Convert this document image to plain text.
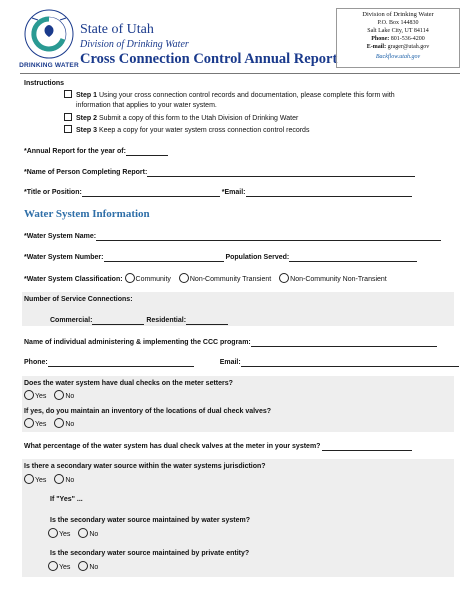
DRINKING WATER
State of Utah
Division of Drinking Water
Cross Connection Control Annual Report
Division of Drinking Water
P.O. Box 144830
Salt Lake City, UT 84114
Phone: 801-536-4200
E-mail: grager@utah.gov
Backflow.utah.gov
Instructions
Step 1 Using your cross connection control records and documentation, please complete this form with
information that applies to your water system.
Step 2 Submit a copy of this form to the Utah Division of Drinking Water
Step 3 Keep a copy for your water system cross connection control records
*Annual Report for the year of:
*Name of Person Completing Report:
*Title or Position:	*Email:
Water System Information
*Water System Name:
*Water System Number:	Population Served:
*Water System Classification: Community	Non-Community Transient	Non-Community Non-Transient
Number of Service Connections:
Commercial:	Residential:
Name of individual administering & implementing the CCC program:
Phone:	Email:
Does the water system have dual checks on the meter setters?
Yes	No
If yes, do you maintain an inventory of the locations of dual check valves?
Yes	No
What percentage of the water system has dual check valves at the meter in your system?
Is there a secondary water source within the water systems jurisdiction?
Yes	No
If "Yes" ...
Is the secondary water source maintained by water system?
Yes	No
Is the secondary water source maintained by private entity?
Yes	No
